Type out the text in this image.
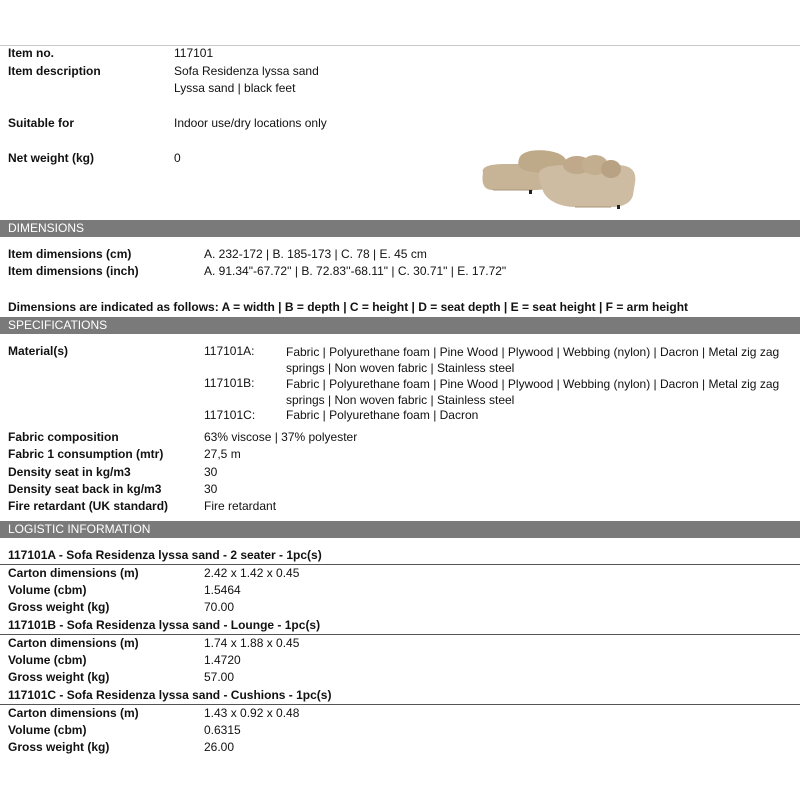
Item no.	117101
Item description	Sofa Residenza lyssa sand
Lyssa sand | black feet
Suitable for	Indoor use/dry locations only
Net weight (kg)	0
DIMENSIONS
Item dimensions (cm)	A. 232-172 | B. 185-173 | C. 78 | E. 45 cm
Item dimensions (inch)	A. 91.34"-67.72'' | B. 72.83''-68.11" | C. 30.71" | E. 17.72"
Dimensions are indicated as follows: A = width | B = depth | C = height | D = seat depth | E = seat height | F = arm height
SPECIFICATIONS
Material(s)	117101A:	Fabric | Polyurethane foam | Pine Wood | Plywood | Webbing (nylon) | Dacron | Metal zig zag springs | Non woven fabric | Stainless steel
117101B:	Fabric | Polyurethane foam | Pine Wood | Plywood | Webbing (nylon) | Dacron | Metal zig zag springs | Non woven fabric | Stainless steel
117101C:	Fabric | Polyurethane foam | Dacron
Fabric composition	63% viscose | 37% polyester
Fabric 1 consumption (mtr)	27,5 m
Density seat in kg/m3	30
Density seat back in kg/m3	30
Fire retardant (UK standard)	Fire retardant
LOGISTIC INFORMATION
117101A - Sofa Residenza lyssa sand - 2 seater - 1pc(s)
Carton dimensions (m)	2.42 x 1.42 x 0.45
Volume (cbm)	1.5464
Gross weight (kg)	70.00
117101B - Sofa Residenza lyssa sand - Lounge - 1pc(s)
Carton dimensions (m)	1.74 x 1.88 x 0.45
Volume (cbm)	1.4720
Gross weight (kg)	57.00
117101C - Sofa Residenza lyssa sand - Cushions - 1pc(s)
Carton dimensions (m)	1.43 x 0.92 x 0.48
Volume (cbm)	0.6315
Gross weight (kg)	26.00
